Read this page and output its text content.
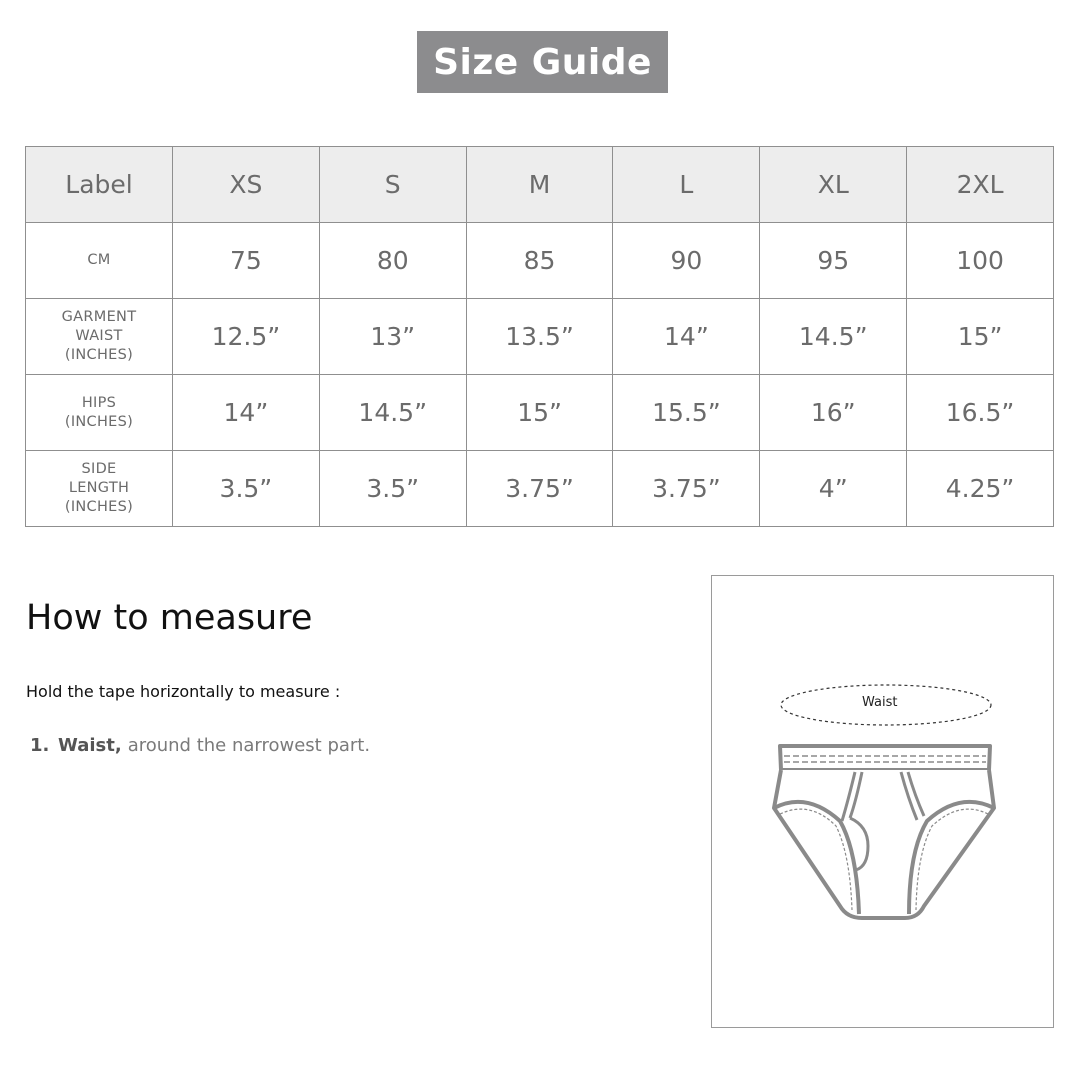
Size Guide
Label	XS	S	M	L	XL	2XL
CM	75	80	85	90	95	100
GARMENT
WAIST
(INCHES)	12.5”	13”	13.5”	14”	14.5”	15”
HIPS
(INCHES)	14”	14.5”	15”	15.5”	16”	16.5”
SIDE
LENGTH
(INCHES)	3.5”	3.5”	3.75”	3.75”	4”	4.25”
How to measure
Hold the tape horizontally to measure :
1. Waist, around the narrowest part.
Waist
